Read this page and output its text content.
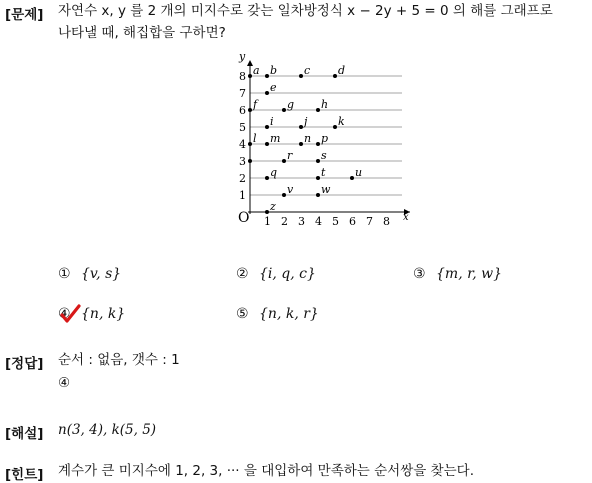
[문제] 자연수 x, y 를 2 개의 미지수로 갖는 일차방정식 x − 2y + 5 = 0 의 해를 그래프로
나타낼 때, 해집합을 구하면?
y
x
O 1 2 3 4 5 6 7 8
1
2
3
4
5
6
7
8 a b c	d
e
f	g h
i	j	k
l m n p
r	s
q	t	u
v	w
z
① {v, s}	② {i, q, c}	③ {m, r, w}
④ {n, k}	⑤ {n, k, r}
[정답] 순서 : 없음, 갯수 : 1
④
[해설] n(3, 4), k(5, 5)
[힌트] 계수가 큰 미지수에 1, 2, 3, ··· 을 대입하여 만족하는 순서쌍을 찾는다.
